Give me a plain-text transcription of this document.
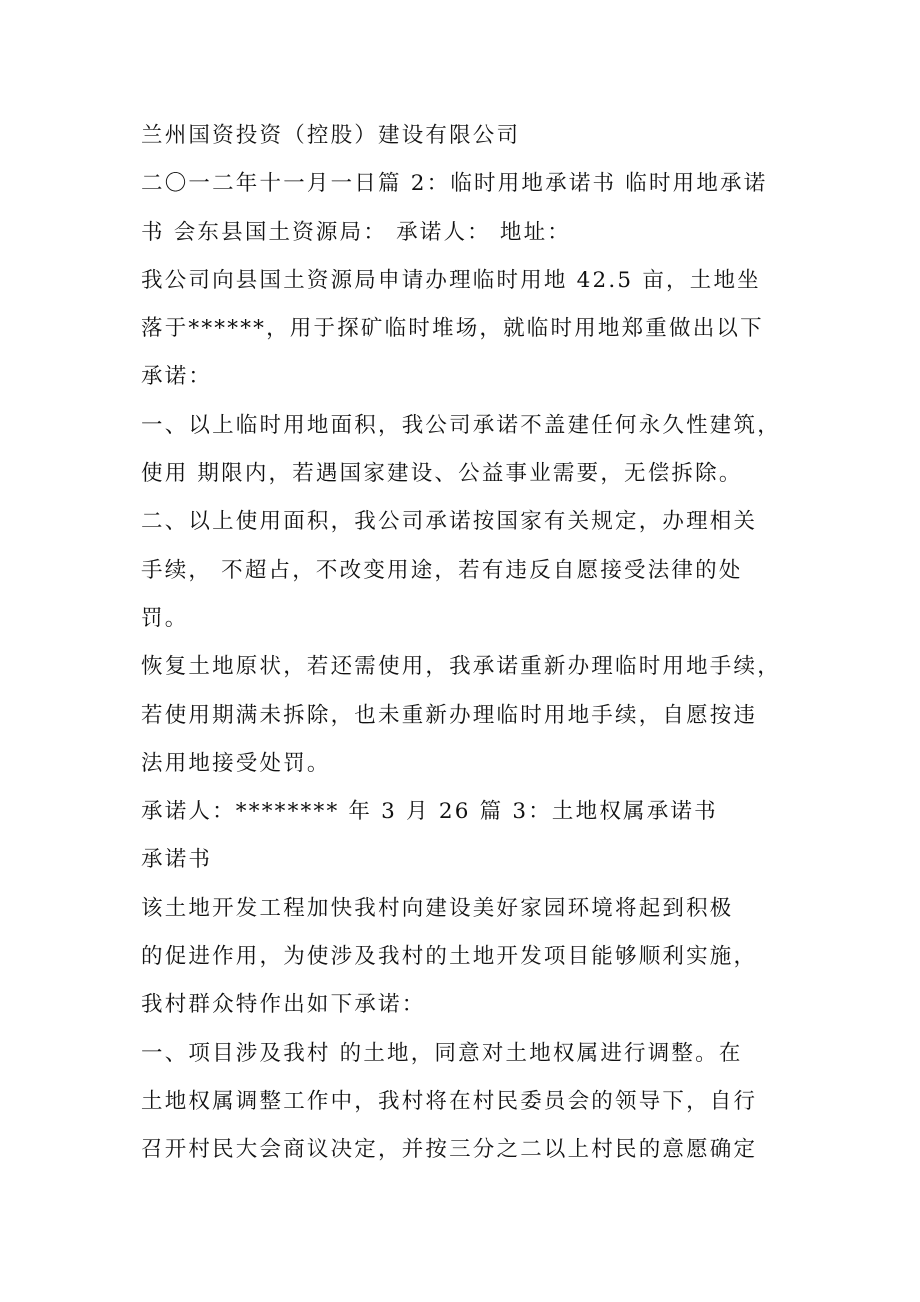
兰州国资投资（控股）建设有限公司
二〇一二年十一月一日篇 2：临时用地承诺书 临时用地承诺
书 会东县国土资源局： 承诺人： 地址：
我公司向县国土资源局申请办理临时用地 42.5 亩，土地坐
落于******，用于探矿临时堆场，就临时用地郑重做出以下
承诺：
一、以上临时用地面积，我公司承诺不盖建任何永久性建筑，
使用 期限内，若遇国家建设、公益事业需要，无偿拆除。
二、以上使用面积，我公司承诺按国家有关规定，办理相关
手续， 不超占，不改变用途，若有违反自愿接受法律的处
罚。
恢复土地原状，若还需使用，我承诺重新办理临时用地手续，
若使用期满未拆除，也未重新办理临时用地手续，自愿按违
法用地接受处罚。
承诺人：******** 年 3 月 26 篇 3：土地权属承诺书
承诺书
该土地开发工程加快我村向建设美好家园环境将起到积极
的促进作用，为使涉及我村的土地开发项目能够顺利实施，
我村群众特作出如下承诺：
一、项目涉及我村 的土地，同意对土地权属进行调整。在
土地权属调整工作中，我村将在村民委员会的领导下，自行
召开村民大会商议决定，并按三分之二以上村民的意愿确定
